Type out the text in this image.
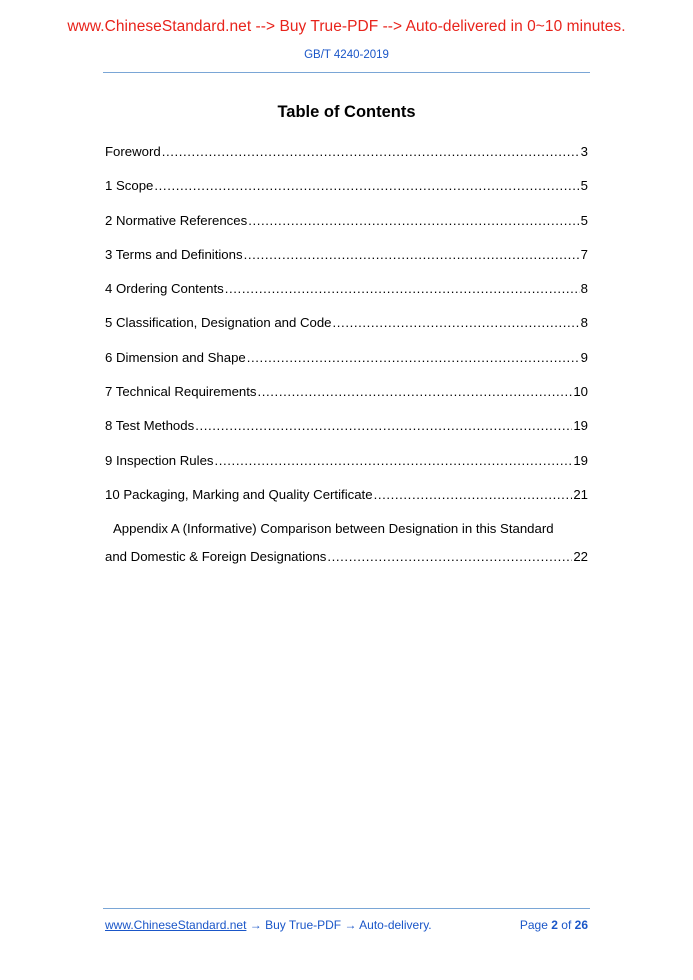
www.ChineseStandard.net --> Buy True-PDF --> Auto-delivered in 0~10 minutes.
GB/T 4240-2019
Table of Contents
Foreword .....	3
1 Scope .....	5
2 Normative References .....	5
3 Terms and Definitions .....	7
4 Ordering Contents .....	8
5 Classification, Designation and Code .....	8
6 Dimension and Shape .....	9
7 Technical Requirements .....	10
8 Test Methods .....	19
9 Inspection Rules .....	19
10 Packaging, Marking and Quality Certificate .....	21
Appendix A (Informative) Comparison between Designation in this Standard
and Domestic & Foreign Designations .....	22
www.ChineseStandard.net → Buy True-PDF → Auto-delivery.	Page 2 of 26
